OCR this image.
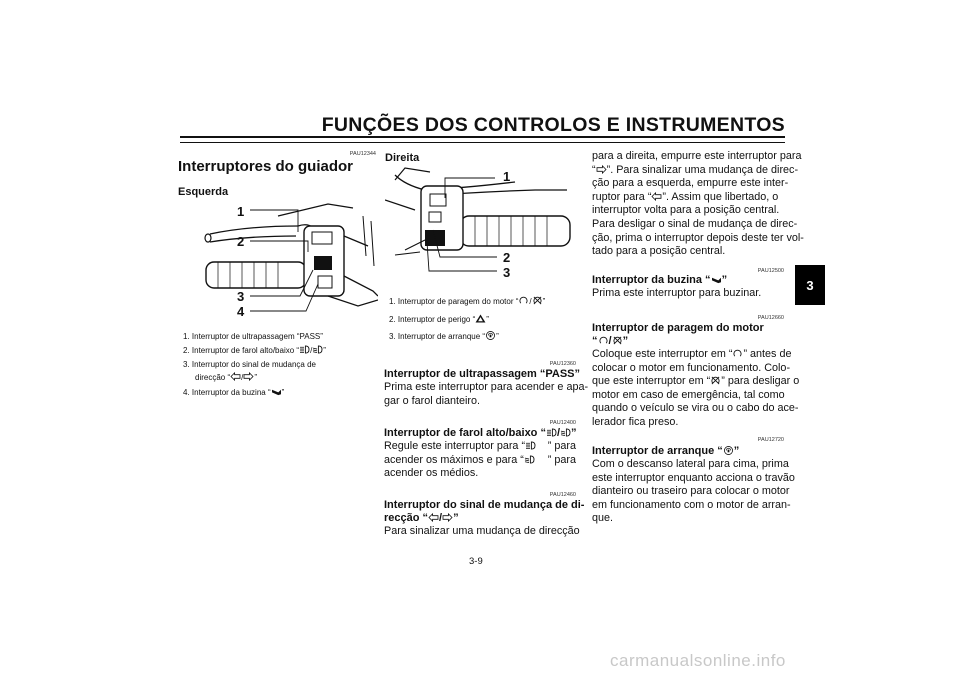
FUNÇÕES DOS CONTROLOS E INSTRUMENTOS
3
PAU12344
Interruptores do guiador
Esquerda
1
2
3
4
1. Interruptor de ultrapassagem “PASS”
2. Interruptor de farol alto/baixo “ / ”
3. Interruptor do sinal de mudança de
direcção “ / ”
4. Interruptor da buzina “ ”
Direita
1
2
3
1. Interruptor de paragem do motor “ / ”
2. Interruptor de perigo “ ”
3. Interruptor de arranque “ ”
PAU12360
Interruptor de ultrapassagem “PASS”
Prima este interruptor para acender e apa-
gar o farol dianteiro.
PAU12400
Interruptor de farol alto/baixo “ / ”
Regule este interruptor para “	” para
acender os máximos e para “	” para
acender os médios.
PAU12460
Interruptor do sinal de mudança de di-
recção “ / ”
Para sinalizar uma mudança de direcção
para a direita, empurre este interruptor para
“ ”. Para sinalizar uma mudança de direc-
ção para a esquerda, empurre este inter-
ruptor para “ ”. Assim que libertado, o
interruptor volta para a posição central.
Para desligar o sinal de mudança de direc-
ção, prima o interruptor depois deste ter vol-
tado para a posição central.
PAU12500
Interruptor da buzina “ ”
Prima este interruptor para buzinar.
PAU12660
Interruptor de paragem do motor
“ / ”
Coloque este interruptor em “	” antes de
colocar o motor em funcionamento. Colo-
que este interruptor em “ ” para desligar o
motor em caso de emergência, tal como
quando o veículo se vira ou o cabo do ace-
lerador fica preso.
PAU12720
Interruptor de arranque “ ”
Com o descanso lateral para cima, prima
este interruptor enquanto acciona o travão
dianteiro ou traseiro para colocar o motor
em funcionamento com o motor de arran-
que.
3-9
carmanualsonline.info
